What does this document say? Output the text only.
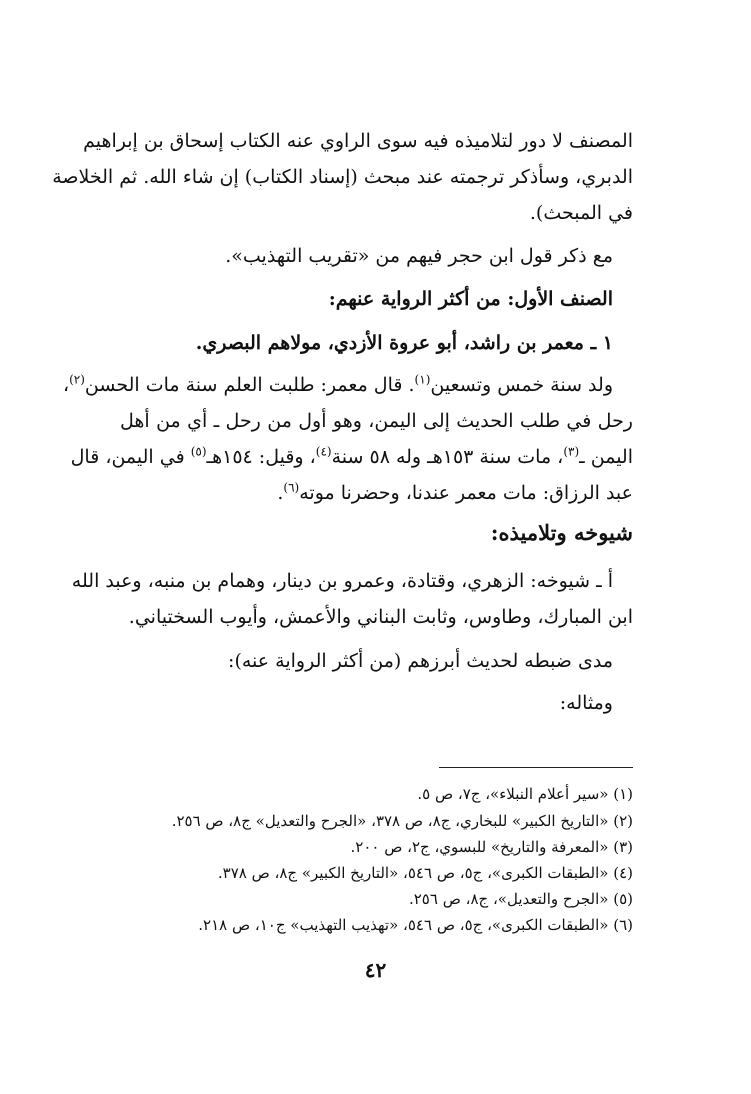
المصنف لا دور لتلاميذه فيه سوى الراوي عنه الكتاب إسحاق بن إبراهيم
الدبري، وسأذكر ترجمته عند مبحث (إسناد الكتاب) إن شاء الله. ثم الخلاصة
في المبحث).
مع ذكر قول ابن حجر فيهم من «تقريب التهذيب».
الصنف الأول: من أكثر الرواية عنهم:
١ ـ معمر بن راشد، أبو عروة الأزدي، مولاهم البصري.
ولد سنة خمس وتسعين$^{(١)}$. قال معمر: طلبت العلم سنة مات الحسن$^{(٢)}$،
رحل في طلب الحديث إلى اليمن، وهو أول من رحل ـ أي من أهل
اليمن ـ$^{(٣)}$، مات سنة ١٥٣هـ وله ٥٨ سنة$^{(٤)}$، وقيل: ١٥٤هـ$^{(٥)}$ في اليمن، قال
عبد الرزاق: مات معمر عندنا، وحضرنا موته$^{(٦)}$.
شيوخه وتلاميذه:
أ ـ شيوخه: الزهري، وقتادة، وعمرو بن دينار، وهمام بن منبه، وعبد الله
ابن المبارك، وطاوس، وثابت البناني والأعمش، وأيوب السختياني.
مدى ضبطه لحديث أبرزهم (من أكثر الرواية عنه):
ومثاله:
(١) «سير أعلام النبلاء»، ج٧، ص ٥.
(٢) «التاريخ الكبير» للبخاري، ج٨، ص ٣٧٨، «الجرح والتعديل» ج٨، ص ٢٥٦.
(٣) «المعرفة والتاريخ» للبسوي، ج٢، ص ٢٠٠.
(٤) «الطبقات الكبرى»، ج٥، ص ٥٤٦، «التاريخ الكبير» ج٨، ص ٣٧٨.
(٥) «الجرح والتعديل»، ج٨، ص ٢٥٦.
(٦) «الطبقات الكبرى»، ج٥، ص ٥٤٦، «تهذيب التهذيب» ج١٠، ص ٢١٨.
٤٢
